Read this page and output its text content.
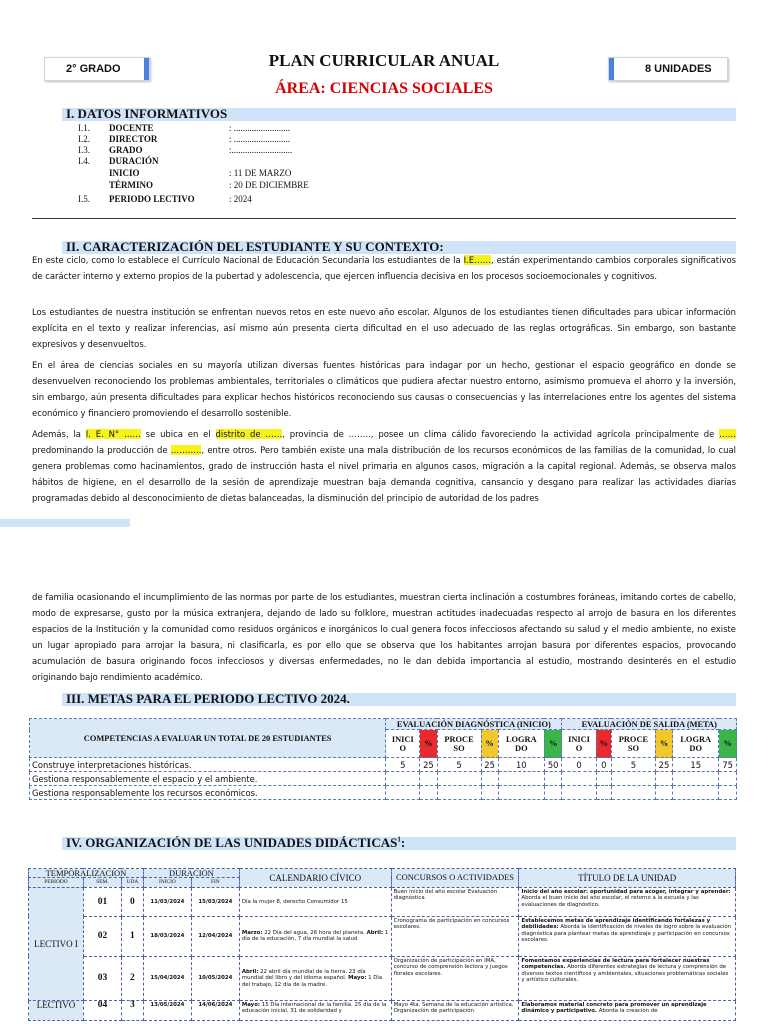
2° GRADO	8 UNIDADES
PLAN CURRICULAR ANUAL
ÁREA: CIENCIAS SOCIALES
I. DATOS INFORMATIVOS
I.1. DOCENTE	: .........................
I.2. DIRECTOR	: .........................
I.3. GRADO	:...........................
I.4. DURACIÓN
INICIO	: 11 DE MARZO
TÉRMINO	: 20 DE DICIEMBRE
I.5. PERIODO LECTIVO	: 2024
II. CARACTERIZACIÓN DEL ESTUDIANTE Y SU CONTEXTO:

En este ciclo, como lo establece el Currículo Nacional de Educación Secundaria los estudiantes de la I.E……, están experimentando cambios corporales significativos de carácter interno y externo propios de la pubertad y adolescencia, que ejercen influencia decisiva en los procesos socioemocionales y cognitivos.

Los estudiantes de nuestra institución se enfrentan nuevos retos en este nuevo año escolar. Algunos de los estudiantes tienen dificultades para ubicar información explícita en el texto y realizar inferencias, así mismo aún presenta cierta dificultad en el uso adecuado de las reglas ortográficas. Sin embargo, son bastante expresivos y desenvueltos.

En el área de ciencias sociales en su mayoría utilizan diversas fuentes históricas para indagar por un hecho, gestionar el espacio geográfico en donde se desenvuelven reconociendo los problemas ambientales, territoriales o climáticos que pudiera afectar nuestro entorno, asimismo promueva el ahorro y la inversión, sin embargo, aún presenta dificultades para explicar hechos históricos reconociendo sus causas o consecuencias y las interrelaciones entre los agentes del sistema económico y financiero promoviendo el desarrollo sostenible.

Además, la I. E. N° …… se ubica en el distrito de ……, provincia de …….., posee un clima cálido favoreciendo la actividad agrícola principalmente de ……predominando la producción de ……….., entre otros. Pero también existe una mala distribución de los recursos económicos de las familias de la comunidad, lo cual genera problemas como hacinamientos, grado de instrucción hasta el nivel primaria en algunos casos, migración a la capital regional. Además, se observa malos hábitos de higiene, en el desarrollo de la sesión de aprendizaje muestran baja demanda cognitiva, cansancio y desgano para realizar las actividades diarias programadas debido al desconocimiento de dietas balanceadas, la disminución del principio de autoridad de los padres

de familia ocasionando el incumplimiento de las normas por parte de los estudiantes, muestran cierta inclinación a costumbres foráneas, imitando cortes de cabello, modo de expresarse, gusto por la música extranjera, dejando de lado su folklore, muestran actitudes inadecuadas respecto al arrojo de basura en los diferentes espacios de la Institución y la comunidad como residuos orgánicos e inorgánicos lo cual genera focos infecciosos afectando su salud y el medio ambiente, no existe un lugar apropiado para arrojar la basura, ni clasificarla, es por ello que se observa que los habitantes arrojan basura por diferentes espacios, provocando acumulación de basura originando focos infecciosos y diversas enfermedades, no le dan debida importancia al estudio, mostrando desinterés en el estudio originando bajo rendimiento académico.

III. METAS PARA EL PERIODO LECTIVO 2024.
COMPETENCIAS A EVALUAR UN TOTAL DE 20 ESTUDIANTES	EVALUACIÓN DIAGNÓSTICA (INICIO)						EVALUACIÓN DE SALIDA (META)					
	INICI O	%	PROCE SO	%	LOGRA DO	%	INICI O	%	PROCE SO	%	LOGRA DO	%
Construye interpretaciones históricas.	5	25	5	25	10	50	0	0	5	25	15	75
Gestiona responsablemente el espacio y el ambiente.												
Gestiona responsablemente los recursos económicos.												
IV. ORGANIZACIÓN DE LAS UNIDADES DIDÁCTICAS$^1$:
TEMPORALIZACION			DURACION		CALENDARIO CÍVICO	CONCURSOS O ACTIVIDADES	TÍTULO DE LA UNIDAD
PERIODO	SEM.	UDA	INICIO	FIN			
LECTIVO I	01	0	11/03/2024	15/03/2024	Día la mujer 8, derecho Consumidor 15	Buen inicio del año escolar Evaluación diagnóstica	Inicio del año escolar: oportunidad para acoger, integrar y aprender: Aborda el buen inicio del año escolar, el retorno a la escuela y las evaluaciones de diagnóstico.
	02	1	18/03/2024	12/04/2024	Marzo: 22 Día del agua, 26 hora del planeta. Abril: 1 día de la educación, 7 día mundial la salud	Cronograma de participación en concursos escolares.	Establecemos metas de aprendizaje identificando fortalezas y debilidades: Aborda la identificación de niveles de logro sobre la evaluación diagnóstica para plantear metas de aprendizaje y participación en concursos escolares.
	03	2	15/04/2024	10/05/2024	Abril: 22 abril día mundial de la tierra. 23 día mundial del libro y del idioma español. Mayo: 1 Día del trabajo, 12 día de la madre.	Organización de participación en IMA, concurso de comprensión lectora y juegos florales escolares.	Fomentamos experiencias de lectura para fortalecer nuestras competencias. Aborda diferentes estrategias de lectura y comprensión de diversos textos científicos y ambientales, situaciones problemáticas sociales y artístico culturales.
LECTIVO	04	3	13/05/2024	14/06/2024	Mayo: 15 Día internacional de la familia. 25 día de la educación inicial. 31 de solidaridad y	Mayo 4ta. Semana de la educación artística. Organización de participación	Elaboramos material concreto para promover un aprendizaje dinámico y participativo. Aborda la creación de
